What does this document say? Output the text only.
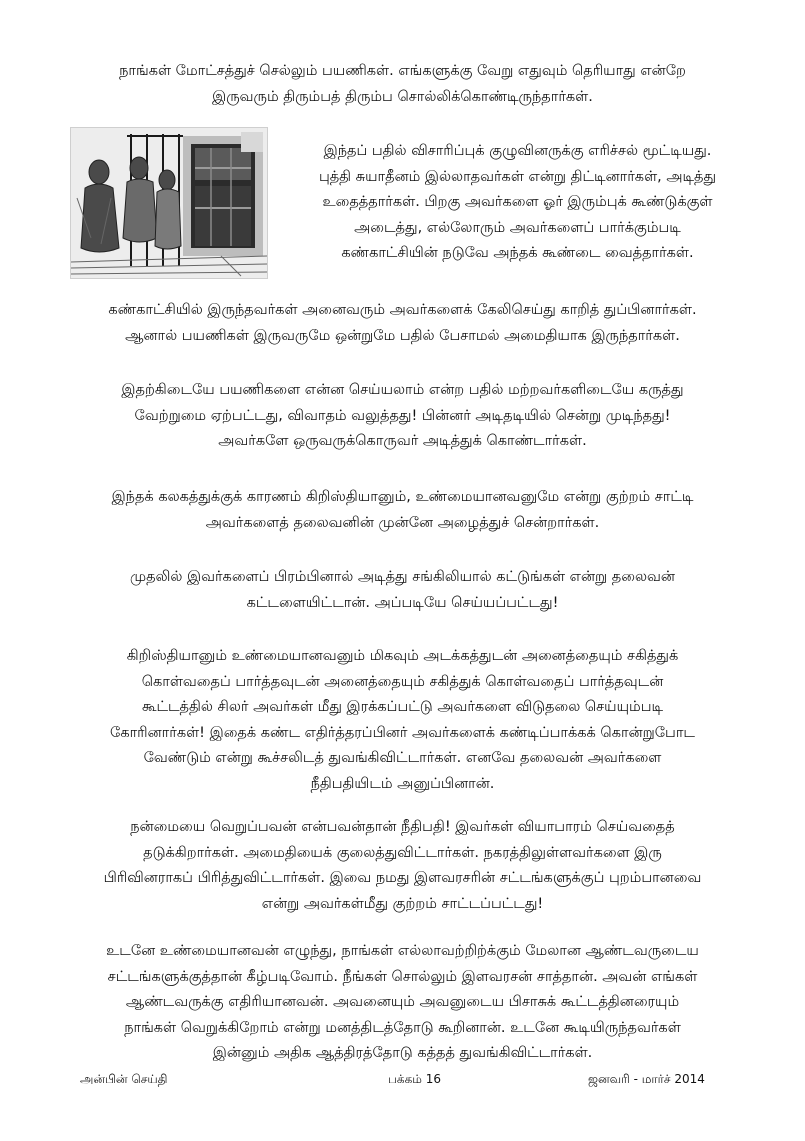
நாங்கள் மோட்சத்துச் செல்லும் பயணிகள். எங்களுக்கு வேறு எதுவும் தெரியாது என்றே
இருவரும் திரும்பத் திரும்ப சொல்லிக்கொண்டிருந்தார்கள்.
இந்தப் பதில் விசாரிப்புக் குழுவினருக்கு எரிச்சல் மூட்டியது.
புத்தி சுயாதீனம் இல்லாதவர்கள் என்று திட்டினார்கள், அடித்து
உதைத்தார்கள். பிறகு அவர்களை ஓர் இரும்புக் கூண்டுக்குள்
அடைத்து, எல்லோரும் அவர்களைப் பார்க்கும்படி
கண்காட்சியின் நடுவே அந்தக் கூண்டை வைத்தார்கள்.
கண்காட்சியில் இருந்தவர்கள் அனைவரும் அவர்களைக் கேலிசெய்து காறித் துப்பினார்கள்.
ஆனால் பயணிகள் இருவருமே ஒன்றுமே பதில் பேசாமல் அமைதியாக இருந்தார்கள்.
இதற்கிடையே பயணிகளை என்ன செய்யலாம் என்ற பதில் மற்றவர்களிடையே கருத்து
வேற்றுமை ஏற்பட்டது, விவாதம் வலுத்தது! பின்னர் அடிதடியில் சென்று முடிந்தது!
அவர்களே ஒருவருக்கொருவர் அடித்துக் கொண்டார்கள்.
இந்தக் கலகத்துக்குக் காரணம் கிறிஸ்தியானும், உண்மையானவனுமே என்று குற்றம் சாட்டி
அவர்களைத் தலைவனின் முன்னே அழைத்துச் சென்றார்கள்.
முதலில் இவர்களைப் பிரம்பினால் அடித்து சங்கிலியால் கட்டுங்கள் என்று தலைவன்
கட்டளையிட்டான். அப்படியே செய்யப்பட்டது!
கிறிஸ்தியானும் உண்மையானவனும் மிகவும் அடக்கத்துடன் அனைத்தையும் சகித்துக்
கொள்வதைப் பார்த்தவுடன் அனைத்தையும் சகித்துக் கொள்வதைப் பார்த்தவுடன்
கூட்டத்தில் சிலர் அவர்கள் மீது இரக்கப்பட்டு அவர்களை விடுதலை செய்யும்படி
கோரினார்கள்! இதைக் கண்ட எதிர்த்தரப்பினர் அவர்களைக் கண்டிப்பாக்கக் கொன்றுபோட
வேண்டும் என்று கூச்சலிடத் துவங்கிவிட்டார்கள். எனவே தலைவன் அவர்களை
நீதிபதியிடம் அனுப்பினான்.
நன்மையை வெறுப்பவன் என்பவன்தான் நீதிபதி! இவர்கள் வியாபாரம் செய்வதைத்
தடுக்கிறார்கள். அமைதியைக் குலைத்துவிட்டார்கள். நகரத்திலுள்ளவர்களை இரு
பிரிவினராகப் பிரித்துவிட்டார்கள். இவை நமது இளவரசரின் சட்டங்களுக்குப் புறம்பானவை
என்று அவர்கள்மீது குற்றம் சாட்டப்பட்டது!
உடனே உண்மையானவன் எழுந்து, நாங்கள் எல்லாவற்றிற்க்கும் மேலான ஆண்டவருடைய
சட்டங்களுக்குத்தான் கீழ்படிவோம். நீங்கள் சொல்லும் இளவரசன் சாத்தான். அவன் எங்கள்
ஆண்டவருக்கு எதிரியானவன். அவனையும் அவனுடைய பிசாசுக் கூட்டத்தினரையும்
நாங்கள் வெறுக்கிறோம் என்று மனத்திடத்தோடு கூறினான். உடனே கூடியிருந்தவர்கள்
இன்னும் அதிக ஆத்திரத்தோடு கத்தத் துவங்கிவிட்டார்கள்.
அன்பின் செய்தி	பக்கம் 16	ஜனவரி - மார்ச் 2014
